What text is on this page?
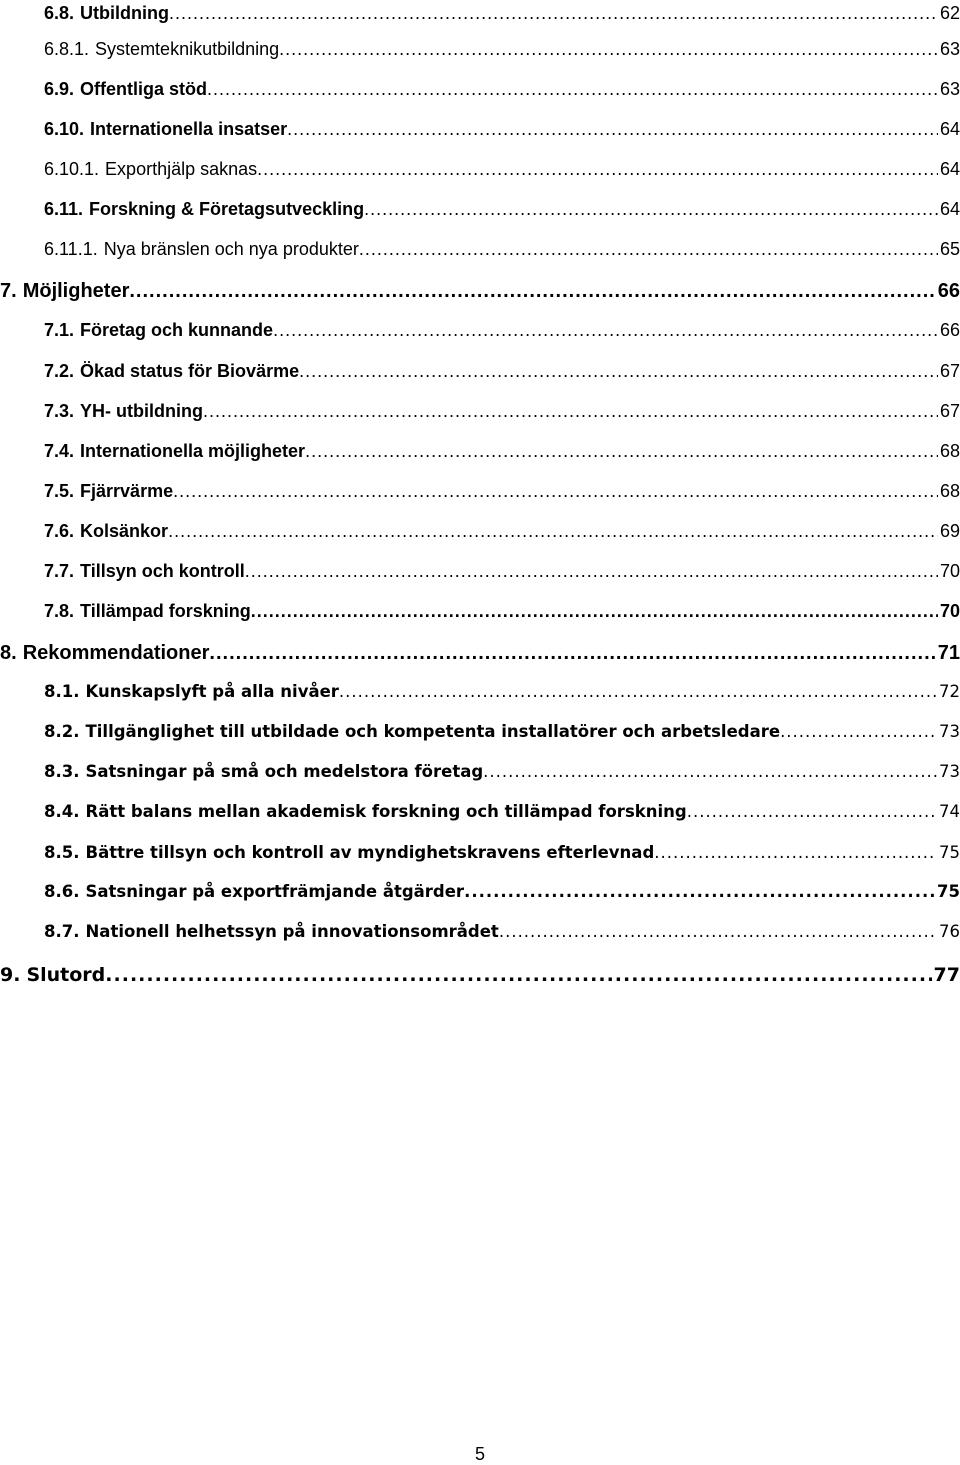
6.8. Utbildning .....	62
6.8.1. Systemteknikutbildning .....	63
6.9. Offentliga stöd .....	63
6.10. Internationella insatser .....	64
6.10.1. Exporthjälp saknas .....	64
6.11. Forskning & Företagsutveckling .....	64
6.11.1. Nya bränslen och nya produkter .....	65
7. Möjligheter .....	66
7.1. Företag och kunnande .....	66
7.2. Ökad status för Biovärme .....	67
7.3. YH- utbildning .....	67
7.4. Internationella möjligheter .....	68
7.5. Fjärrvärme .....	68
7.6. Kolsänkor .....	69
7.7. Tillsyn och kontroll .....	70
7.8. Tillämpad forskning .....	70
8. Rekommendationer .....	71
8.1. Kunskapslyft på alla nivåer .....	72
8.2. Tillgänglighet till utbildade och kompetenta installatörer och arbetsledare .....	73
8.3. Satsningar på små och medelstora företag .....	73
8.4. Rätt balans mellan akademisk forskning och tillämpad forskning .....	74
8.5. Bättre tillsyn och kontroll av myndighetskravens efterlevnad .....	75
8.6. Satsningar på exportfrämjande åtgärder .....	75
8.7. Nationell helhetssyn på innovationsområdet .....	76
9. Slutord .....	77
5
